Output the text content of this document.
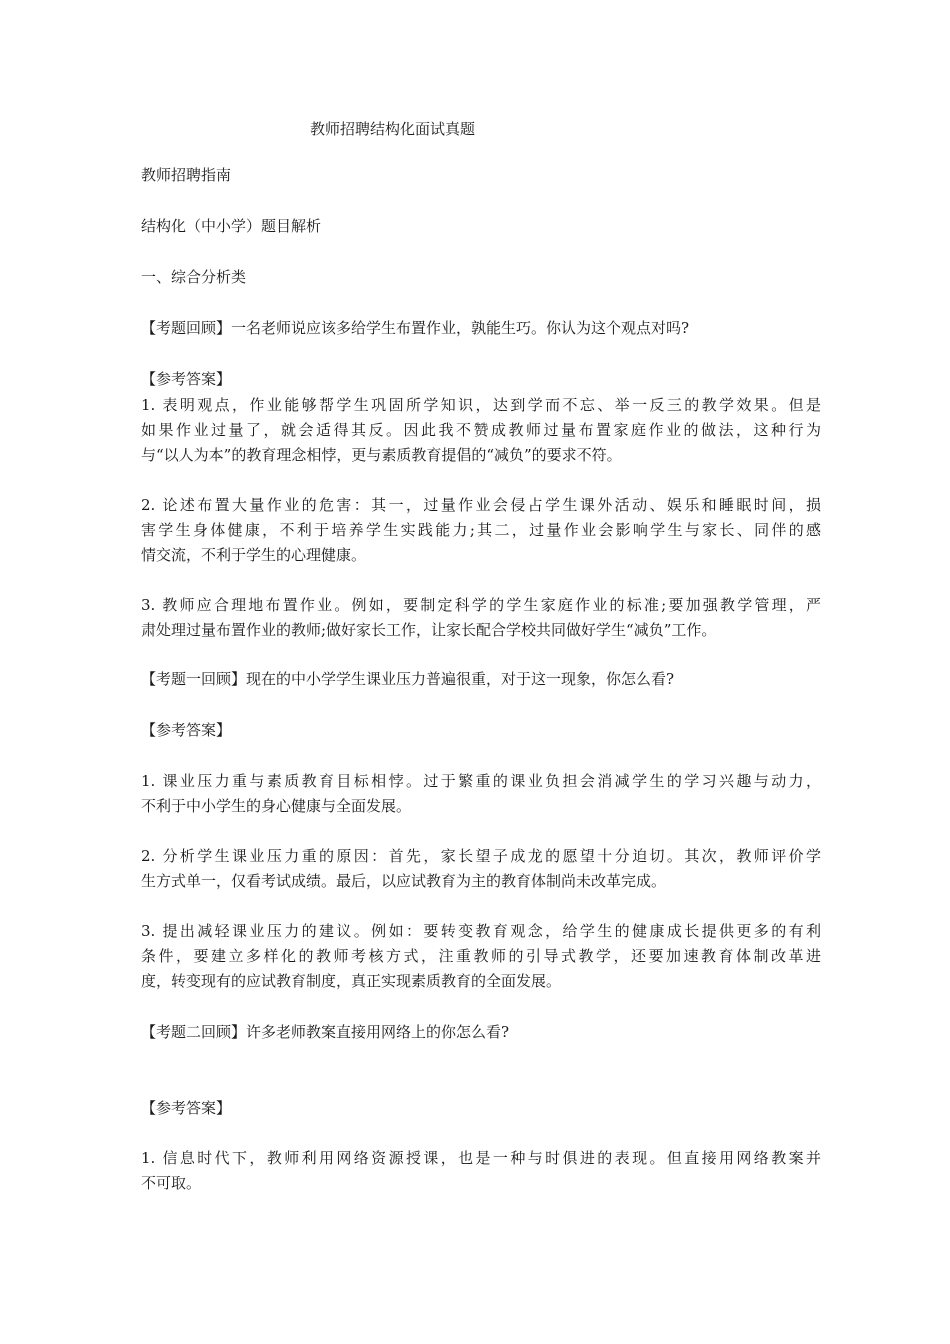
教师招聘结构化面试真题
教师招聘指南
结构化（中小学）题目解析
一、综合分析类
【考题回顾】一名老师说应该多给学生布置作业，孰能生巧。你认为这个观点对吗?
【参考答案】
1. 表明观点，作业能够帮学生巩固所学知识，达到学而不忘、举一反三的教学效果。但是
如果作业过量了，就会适得其反。因此我不赞成教师过量布置家庭作业的做法，这种行为
与“以人为本”的教育理念相悖，更与素质教育提倡的“减负”的要求不符。
2. 论述布置大量作业的危害：其一，过量作业会侵占学生课外活动、娱乐和睡眠时间，损
害学生身体健康，不利于培养学生实践能力;其二，过量作业会影响学生与家长、同伴的感
情交流，不利于学生的心理健康。
3. 教师应合理地布置作业。例如，要制定科学的学生家庭作业的标准;要加强教学管理，严
肃处理过量布置作业的教师;做好家长工作，让家长配合学校共同做好学生“减负”工作。
【考题一回顾】现在的中小学学生课业压力普遍很重，对于这一现象，你怎么看?
【参考答案】
1. 课业压力重与素质教育目标相悖。过于繁重的课业负担会消减学生的学习兴趣与动力，
不利于中小学生的身心健康与全面发展。
2. 分析学生课业压力重的原因：首先，家长望子成龙的愿望十分迫切。其次，教师评价学
生方式单一，仅看考试成绩。最后，以应试教育为主的教育体制尚未改革完成。
3. 提出减轻课业压力的建议。例如：要转变教育观念，给学生的健康成长提供更多的有利
条件，要建立多样化的教师考核方式，注重教师的引导式教学，还要加速教育体制改革进
度，转变现有的应试教育制度，真正实现素质教育的全面发展。
【考题二回顾】许多老师教案直接用网络上的你怎么看?
【参考答案】
1. 信息时代下，教师利用网络资源授课，也是一种与时俱进的表现。但直接用网络教案并
不可取。
